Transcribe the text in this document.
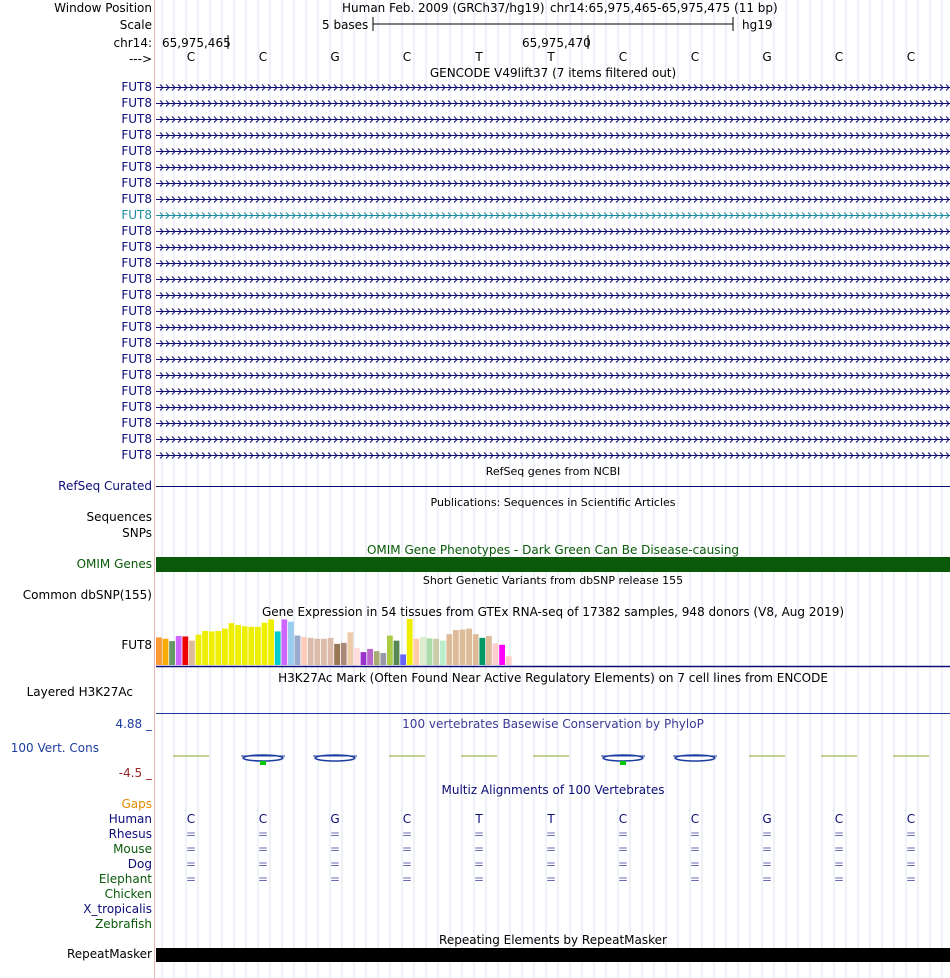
Window Position
Scale
chr14:
--->
Human Feb. 2009 (GRCh37/hg19) chr14:65,975,465-65,975,475 (11 bp)
5 bases	hg19
65,975,465	65,975,470
C	C	G	C	T	T	C	C	G	C	C
GENCODE V49lift37 (7 items filtered out)
FUT8
FUT8
FUT8
FUT8
FUT8
FUT8
FUT8
FUT8
FUT8
FUT8
FUT8
FUT8
FUT8
FUT8
FUT8
FUT8
FUT8
FUT8
FUT8
FUT8
FUT8
FUT8
FUT8
FUT8
RefSeq genes from NCBI
RefSeq Curated
Publications: Sequences in Scientific Articles
Sequences
SNPs
OMIM Gene Phenotypes - Dark Green Can Be Disease-causing
OMIM Genes
Short Genetic Variants from dbSNP release 155
Common dbSNP(155)
Gene Expression in 54 tissues from GTEx RNA-seq of 17382 samples, 948 donors (V8, Aug 2019)
FUT8
H3K27Ac Mark (Often Found Near Active Regulatory Elements) on 7 cell lines from ENCODE
Layered H3K27Ac
100 vertebrates Basewise Conservation by PhyloP
4.88 _
100 Vert. Cons
-4.5 _
Multiz Alignments of 100 Vertebrates
Gaps
Human	C	C	G	C	T	T	C	C	G	C	C
Rhesus	=	=	=	=	=	=	=	=	=	=	=
Mouse	=	=	=	=	=	=	=	=	=	=	=
Dog	=	=	=	=	=	=	=	=	=	=	=
Elephant	=	=	=	=	=	=	=	=	=	=	=
Chicken
X_tropicalis
Zebrafish
Repeating Elements by RepeatMasker
RepeatMasker
